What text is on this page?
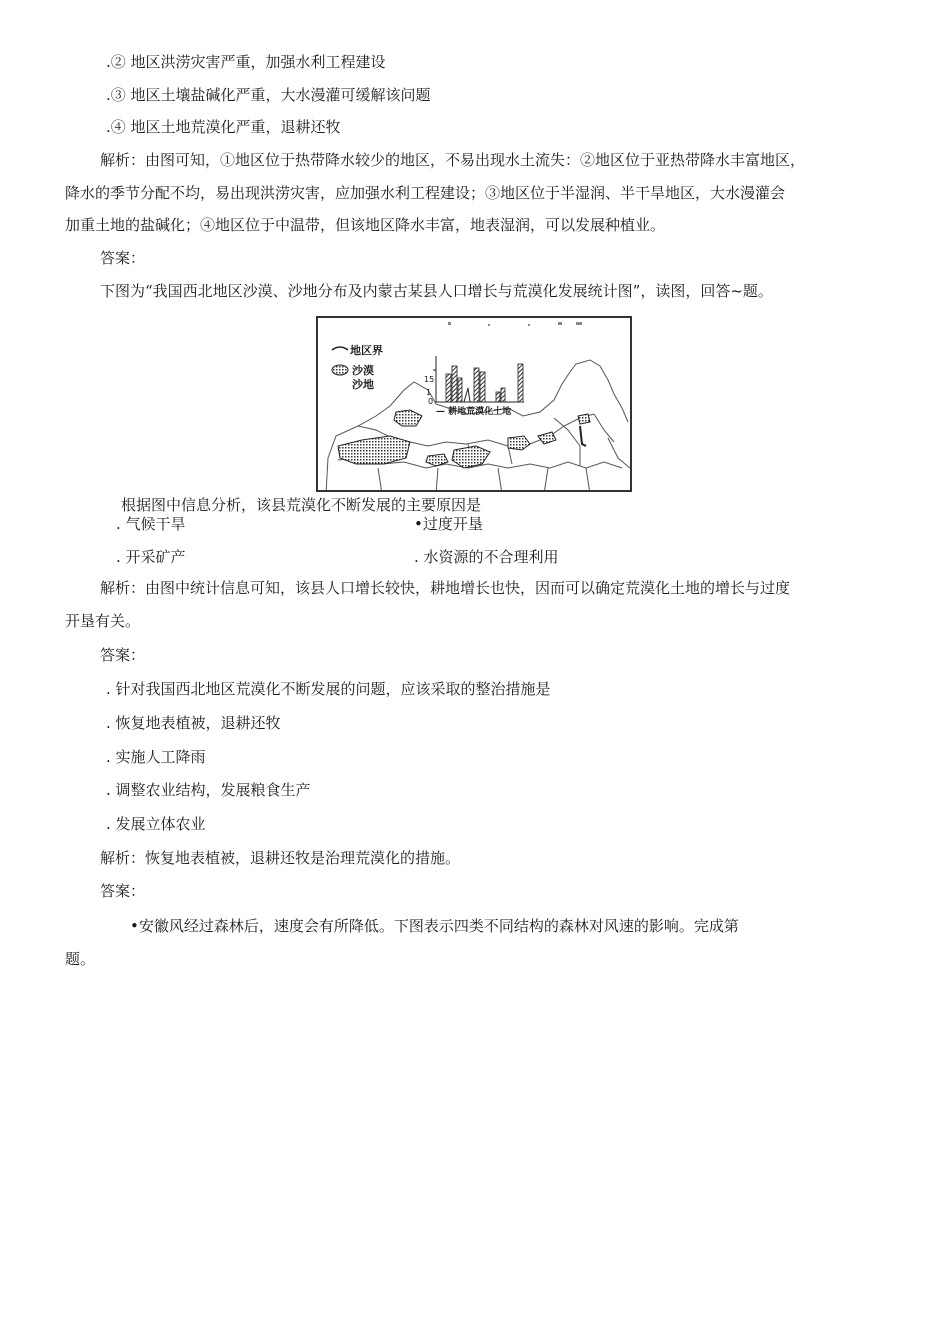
.② 地区洪涝灾害严重，加强水利工程建设
.③ 地区土壤盐碱化严重，大水漫灌可缓解该问题
.④ 地区土地荒漠化严重，退耕还牧
解析：由图可知，①地区位于热带降水较少的地区，不易出现水土流失：②地区位于亚热带降水丰富地区，
降水的季节分配不均，易出现洪涝灾害，应加强水利工程建设；③地区位于半湿润、半干旱地区，大水漫灌会
加重土地的盐碱化；④地区位于中温带，但该地区降水丰富，地表湿润，可以发展种植业。
答案：
下图为“我国西北地区沙漠、沙地分布及内蒙古某县人口增长与荒漠化发展统计图”，读图，回答~题。
地区界
沙漠
沙地	15
1
0
— 耕地荒漠化土地
根据图中信息分析，该县荒漠化不断发展的主要原因是
. 气候干旱	•过度开垦
. 开采矿产	. 水资源的不合理利用
解析：由图中统计信息可知，该县人口增长较快，耕地增长也快，因而可以确定荒漠化土地的增长与过度
开垦有关。
答案：
. 针对我国西北地区荒漠化不断发展的问题，应该采取的整治措施是
. 恢复地表植被，退耕还牧
. 实施人工降雨
. 调整农业结构，发展粮食生产
. 发展立体农业
解析：恢复地表植被，退耕还牧是治理荒漠化的措施。
答案：
•安徽风经过森林后，速度会有所降低。下图表示四类不同结构的森林对风速的影响。完成第
题。
